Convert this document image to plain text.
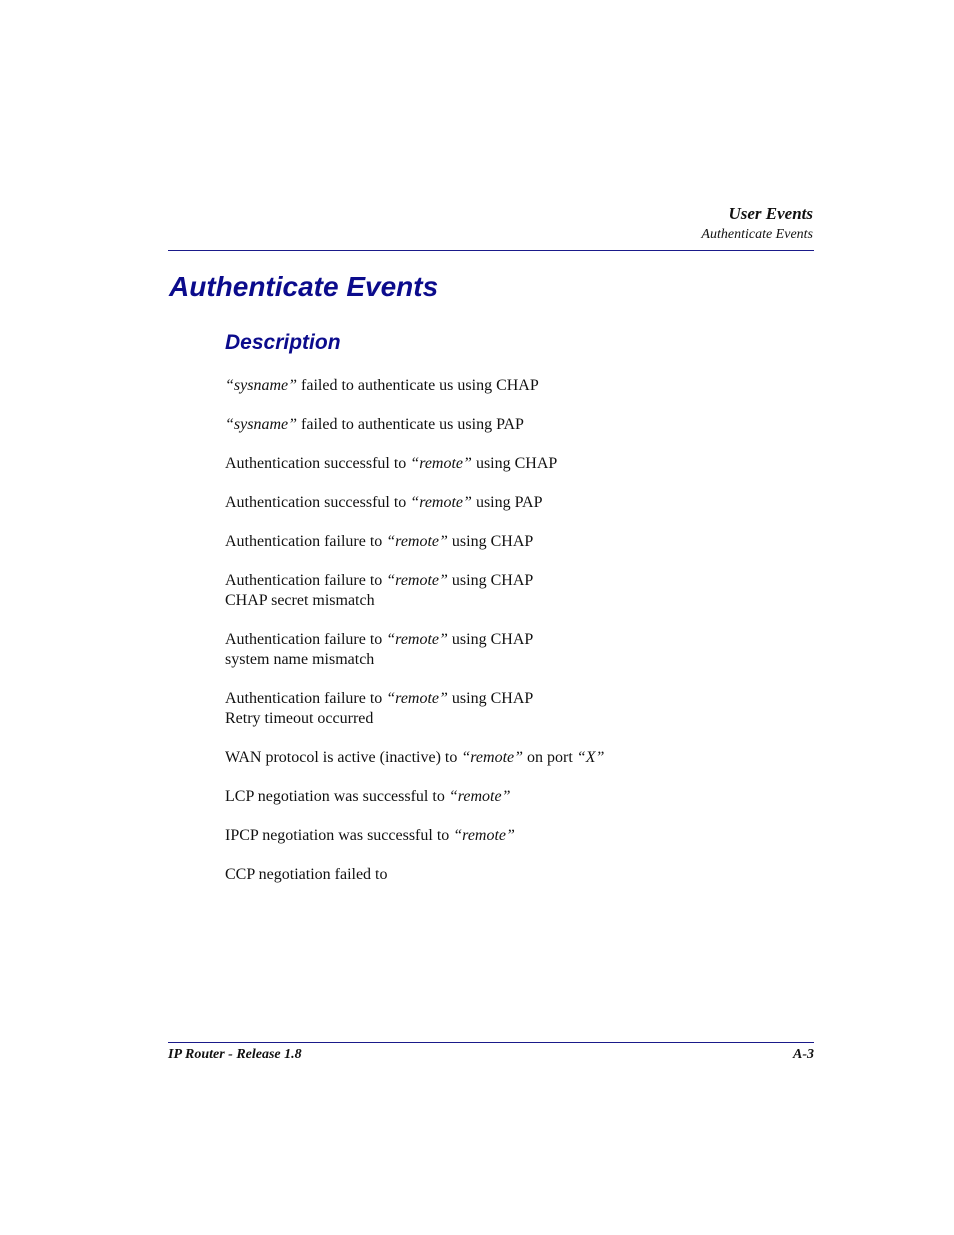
User Events
Authenticate Events
Authenticate Events
Description
“sysname” failed to authenticate us using CHAP
“sysname” failed to authenticate us using PAP
Authentication successful to “remote” using CHAP
Authentication successful to “remote” using PAP
Authentication failure to “remote” using CHAP
Authentication failure to “remote” using CHAP
CHAP secret mismatch
Authentication failure to “remote” using CHAP
system name mismatch
Authentication failure to “remote” using CHAP
Retry timeout occurred
WAN protocol is active (inactive) to “remote” on port “X”
LCP negotiation was successful to “remote”
IPCP negotiation was successful to “remote”
CCP negotiation failed to
IP Router - Release 1.8	A-3
